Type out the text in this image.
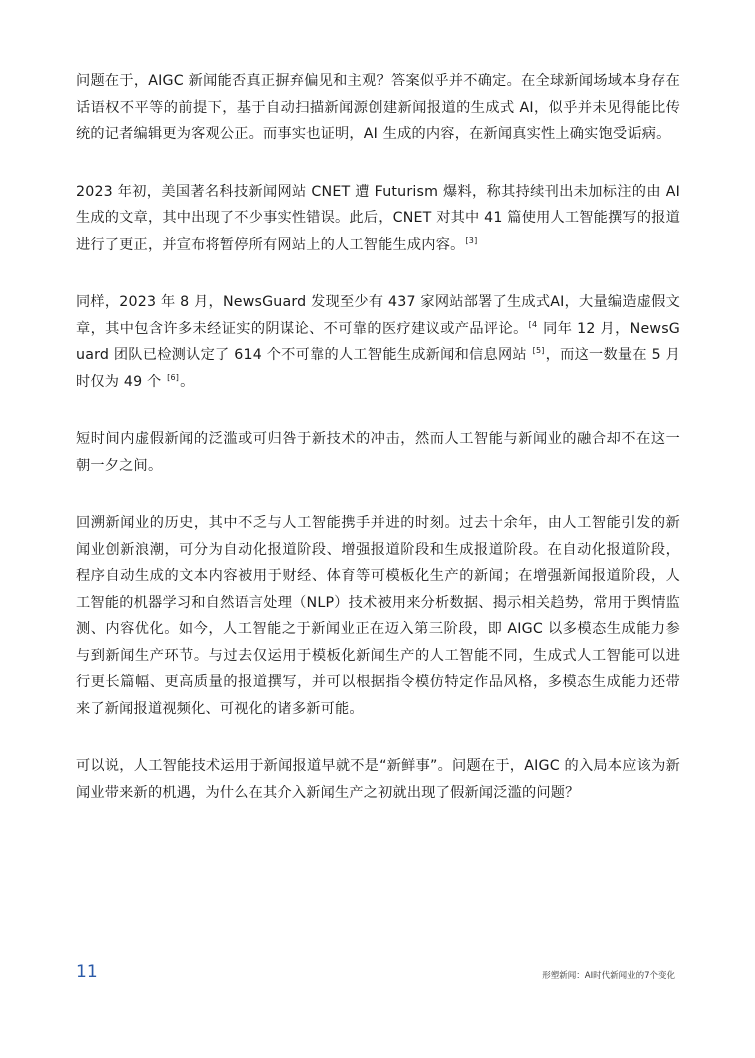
问题在于，AIGC 新闻能否真正摒弃偏见和主观？答案似乎并不确定。在全球新闻场域本身存在话语权不平等的前提下，基于自动扫描新闻源创建新闻报道的生成式 AI，似乎并未见得能比传统的记者编辑更为客观公正。而事实也证明，AI 生成的内容，在新闻真实性上确实饱受诟病。

2023 年初，美国著名科技新闻网站 CNET 遭 Futurism 爆料，称其持续刊出未加标注的由 AI 生成的文章，其中出现了不少事实性错误。此后，CNET 对其中 41 篇使用人工智能撰写的报道进行了更正，并宣布将暂停所有网站上的人工智能生成内容。[3]

同样，2023 年 8 月，NewsGuard 发现至少有 437 家网站部署了生成式AI，大量编造虚假文章，其中包含许多未经证实的阴谋论、不可靠的医疗建议或产品评论。$^{[4}$ 同年 12 月，NewsGuard 团队已检测认定了 614 个不可靠的人工智能生成新闻和信息网站 [5]，而这一数量在 5 月时仅为 49 个 [6]。

短时间内虚假新闻的泛滥或可归咎于新技术的冲击，然而人工智能与新闻业的融合却不在这一朝一夕之间。

回溯新闻业的历史，其中不乏与人工智能携手并进的时刻。过去十余年，由人工智能引发的新闻业创新浪潮，可分为自动化报道阶段、增强报道阶段和生成报道阶段。在自动化报道阶段，程序自动生成的文本内容被用于财经、体育等可模板化生产的新闻；在增强新闻报道阶段，人工智能的机器学习和自然语言处理（NLP）技术被用来分析数据、揭示相关趋势，常用于舆情监测、内容优化。如今，人工智能之于新闻业正在迈入第三阶段，即 AIGC 以多模态生成能力参与到新闻生产环节。与过去仅运用于模板化新闻生产的人工智能不同，生成式人工智能可以进行更长篇幅、更高质量的报道撰写，并可以根据指令模仿特定作品风格，多模态生成能力还带来了新闻报道视频化、可视化的诸多新可能。

可以说，人工智能技术运用于新闻报道早就不是“新鲜事”。问题在于，AIGC 的入局本应该为新闻业带来新的机遇，为什么在其介入新闻生产之初就出现了假新闻泛滥的问题？

11	形塑新闻：AI时代新闻业的7个变化
